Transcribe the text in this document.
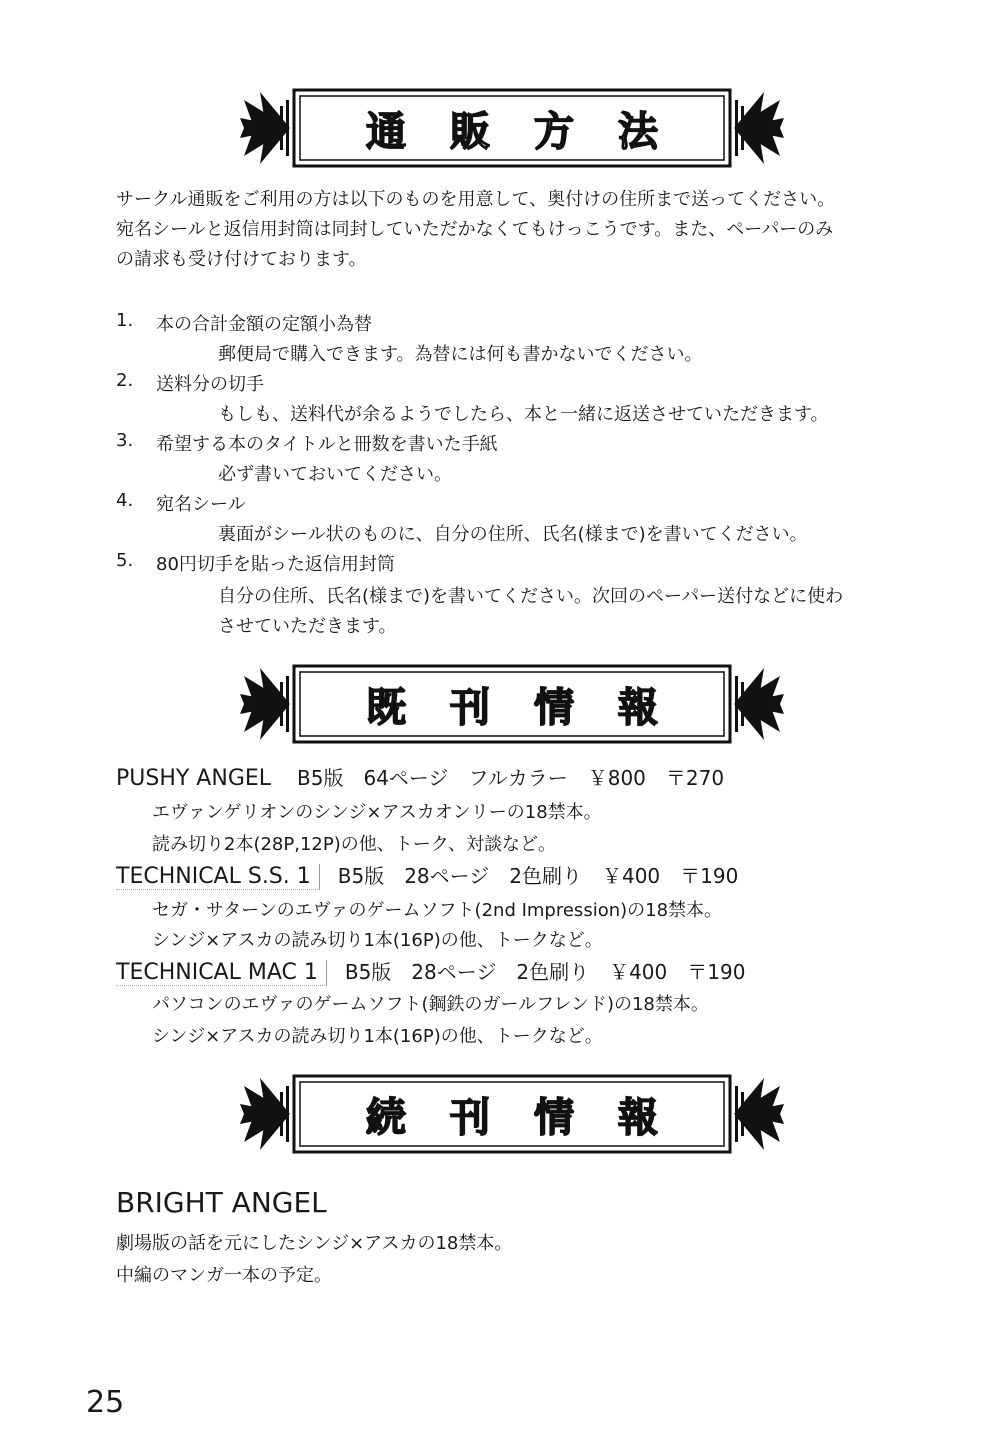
通販方法
サークル通販をご利用の方は以下のものを用意して、奥付けの住所まで送ってください。
宛名シールと返信用封筒は同封していただかなくてもけっこうです。また、ペーパーのみ
の請求も受け付けております。
1. 本の合計金額の定額小為替
郵便局で購入できます。為替には何も書かないでください。
2. 送料分の切手
もしも、送料代が余るようでしたら、本と一緒に返送させていただきます。
3. 希望する本のタイトルと冊数を書いた手紙
必ず書いておいてください。
4. 宛名シール
裏面がシール状のものに、自分の住所、氏名(様まで)を書いてください。
5. 80円切手を貼った返信用封筒
自分の住所、氏名(様まで)を書いてください。次回のペーパー送付などに使わ
させていただきます。
既刊情報
PUSHY ANGEL	B5版　64ページ　フルカラー　￥800　〒270
エヴァンゲリオンのシンジ×アスカオンリーの18禁本。
読み切り2本(28P,12P)の他、トーク、対談など。
TECHNICAL S.S. 1	B5版　28ページ　2色刷り　￥400　〒190
セガ・サターンのエヴァのゲームソフト(2nd Impression)の18禁本。
シンジ×アスカの読み切り1本(16P)の他、トークなど。
TECHNICAL MAC 1	B5版　28ページ　2色刷り　￥400　〒190
パソコンのエヴァのゲームソフト(鋼鉄のガールフレンド)の18禁本。
シンジ×アスカの読み切り1本(16P)の他、トークなど。
続刊情報
BRIGHT ANGEL
劇場版の話を元にしたシンジ×アスカの18禁本。
中編のマンガ一本の予定。
25
